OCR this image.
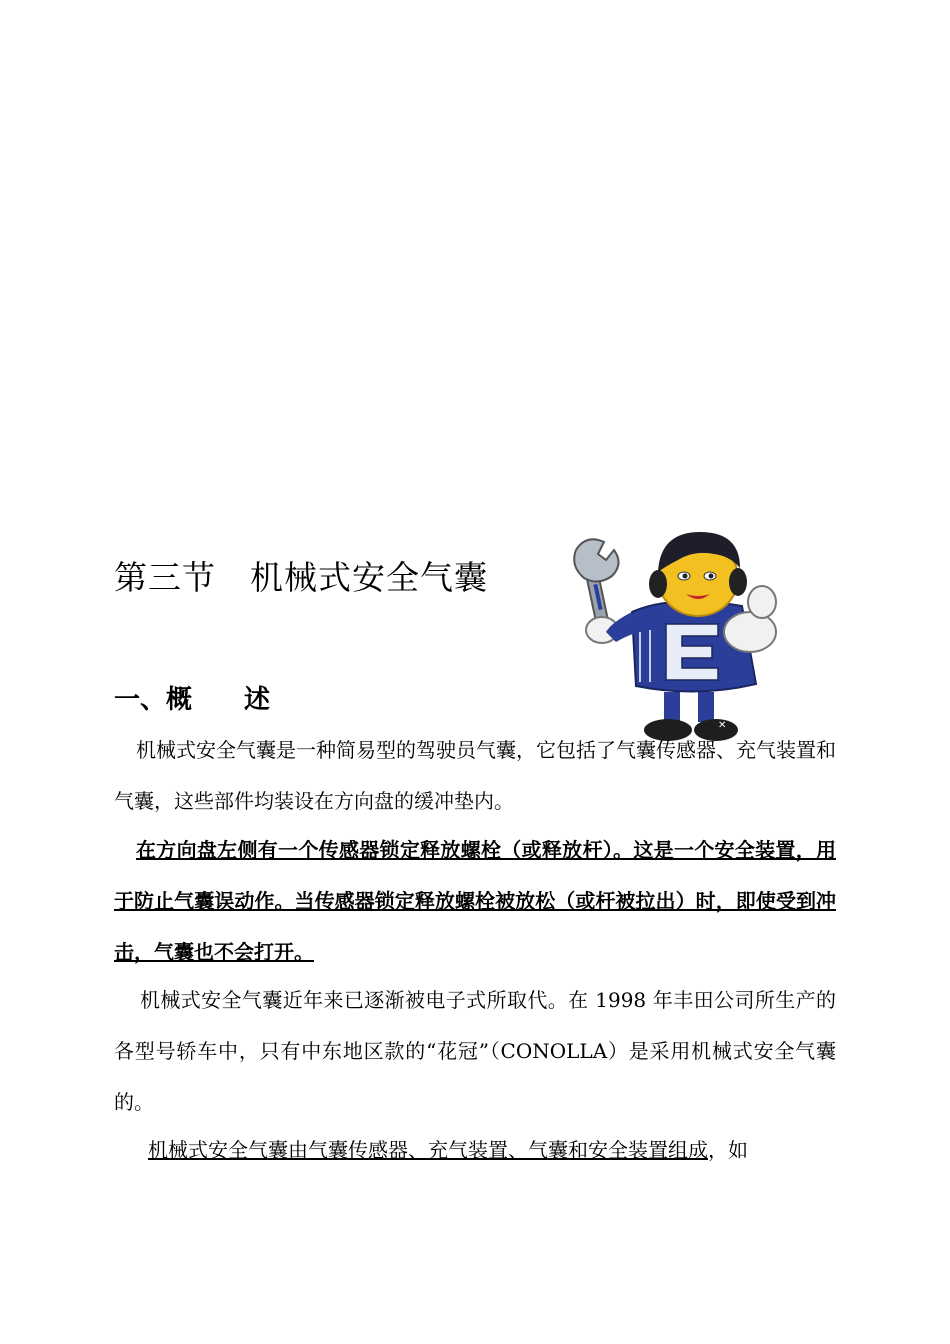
第三节　机械式安全气囊
一、概　　述
✕

机械式安全气囊是一种简易型的驾驶员气囊，它包括了气囊传感器、充气装置和气囊，这些部件均装设在方向盘的缓冲垫内。

在方向盘左侧有一个传感器锁定释放螺栓（或释放杆）。这是一个安全装置，用于防止气囊误动作。当传感器锁定释放螺栓被放松（或杆被拉出）时，即使受到冲击，气囊也不会打开。

机械式安全气囊近年来已逐渐被电子式所取代。在 1998 年丰田公司所生产的各型号轿车中，只有中东地区款的“花冠”（CONOLLA）是采用机械式安全气囊的。

机械式安全气囊由气囊传感器、充气装置、气囊和安全装置组成，如
